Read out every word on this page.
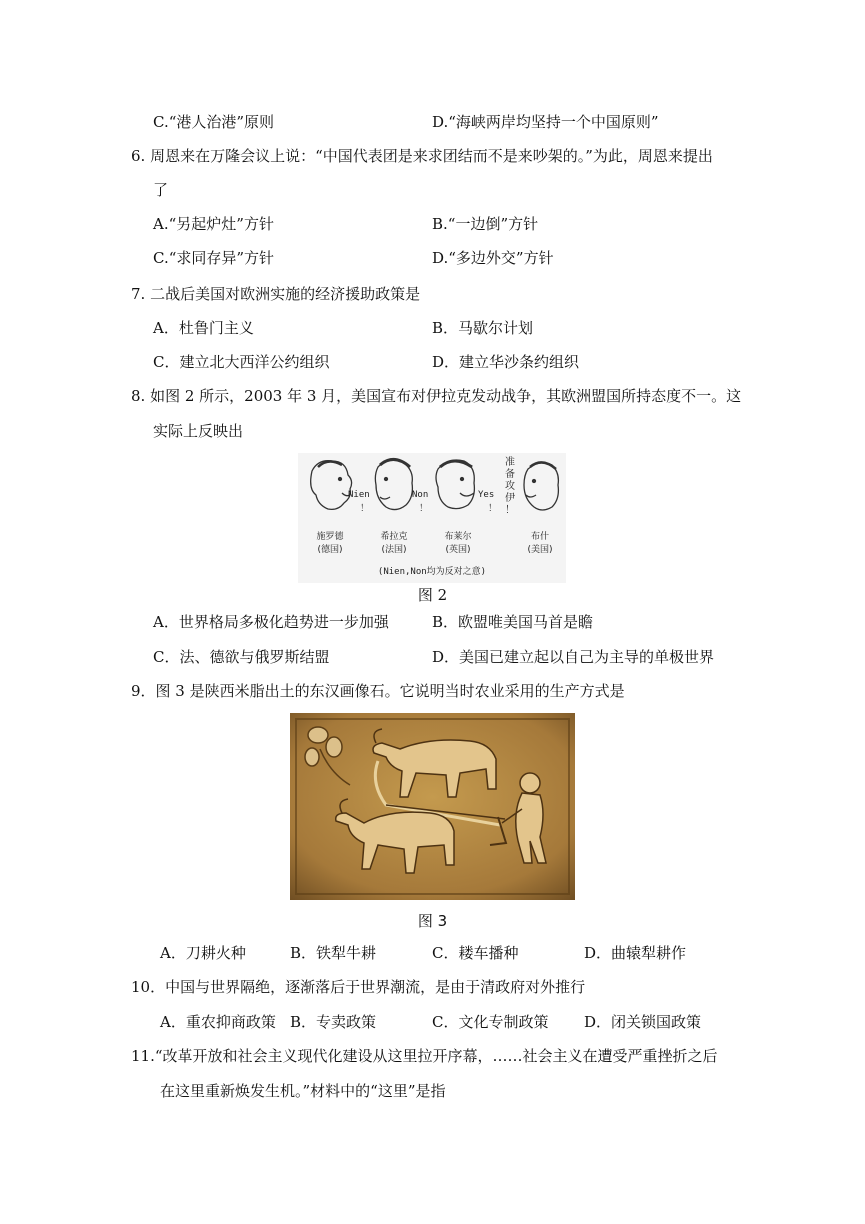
C.“港人治港”原则	D.“海峡两岸均坚持一个中国原则”
6. 周恩来在万隆会议上说：“中国代表团是来求团结而不是来吵架的。”为此，周恩来提出
了
A.“另起炉灶”方针	B.“一边倒”方针
C.“求同存异”方针	D.“多边外交”方针
7. 二战后美国对欧洲实施的经济援助政策是
A．杜鲁门主义	B．马歇尔计划
C．建立北大西洋公约组织	D．建立华沙条约组织
8. 如图 2 所示，2003 年 3 月，美国宣布对伊拉克发动战争，其欧洲盟国所持态度不一。这
实际上反映出
Nien
！
Non
！
Yes
！
准
备
攻
伊
！
施罗德
(德国)
希拉克
(法国)
布莱尔
(英国)
布什
(美国)
(Nien,Non均为反对之意)
图 2
A．世界格局多极化趋势进一步加强	B．欧盟唯美国马首是瞻
C．法、德欲与俄罗斯结盟	D．美国已建立起以自己为主导的单极世界
9．图 3 是陕西米脂出土的东汉画像石。它说明当时农业采用的生产方式是
图 3
A．刀耕火种	B．铁犁牛耕	C．耧车播种	D．曲辕犁耕作
10．中国与世界隔绝，逐渐落后于世界潮流，是由于清政府对外推行
A．重农抑商政策 B．专卖政策	C．文化专制政策 D．闭关锁国政策
11.“改革开放和社会主义现代化建设从这里拉开序幕，……社会主义在遭受严重挫折之后
在这里重新焕发生机。”材料中的“这里”是指
